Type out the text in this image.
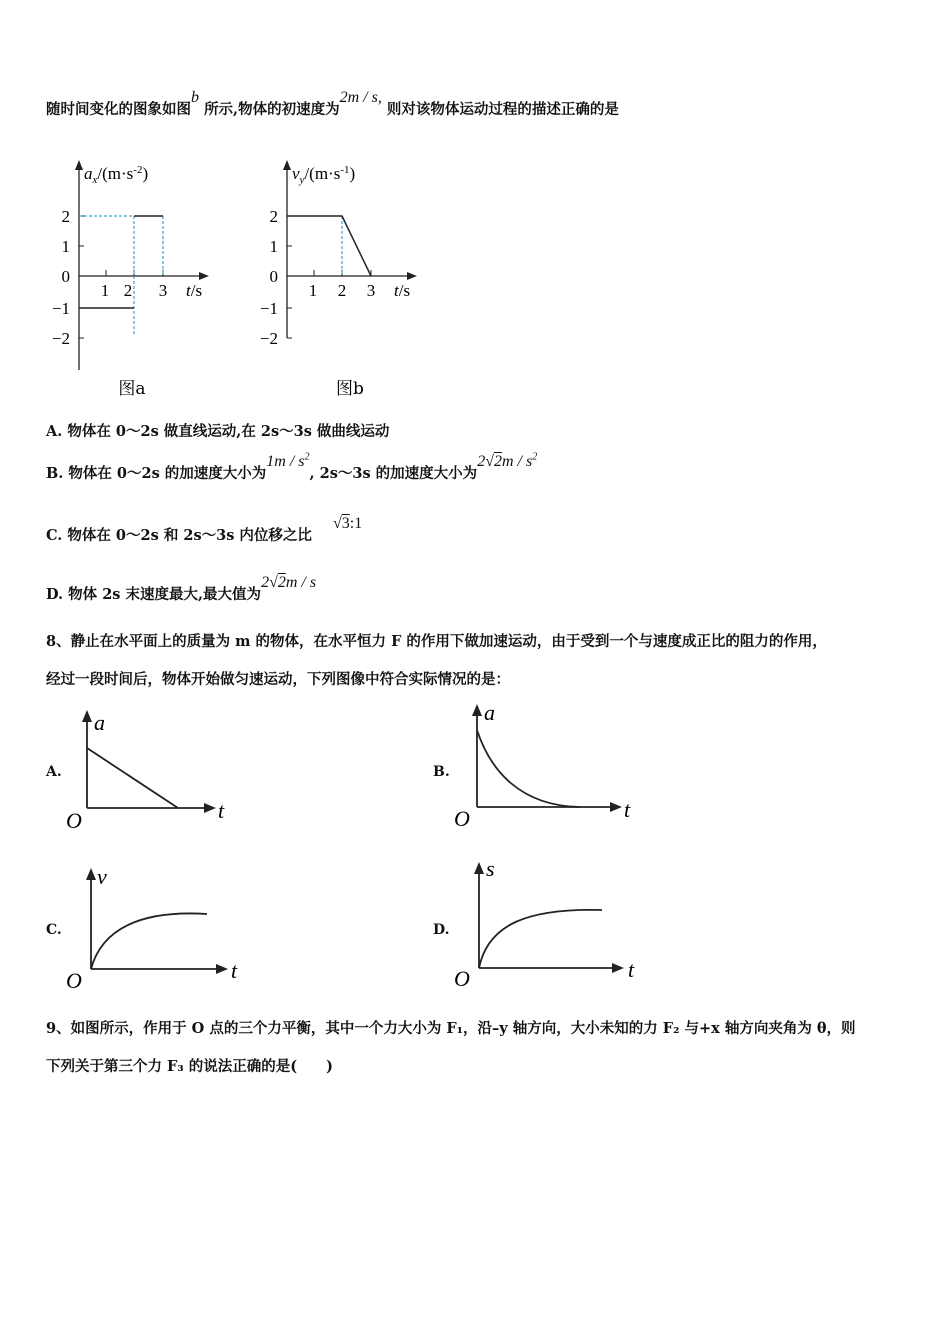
随时间变化的图象如图b 所示,物体的初速度为2m / s, 则对该物体运动过程的描述正确的是
$a_x/(m\cdot s^{-2})$
2
1
0
−1
−2
1 2 3 t/s
图a
$v_y/(m\cdot s^{-1})$
2
1
0
−1
−2
1 2 3 t/s
图b
A. 物体在 0～2s 做直线运动,在 2s～3s 做曲线运动
B. 物体在 0～2s 的加速度大小为$1m / s^2$, 2s～3s 的加速度大小为$2√2m / s^2$
C. 物体在 0～2s 和 2s～3s 内位移之比 √3:1
D. 物体 2s 末速度最大,最大值为2√2m / s
8、静止在水平面上的质量为 m 的物体，在水平恒力 F 的作用下做加速运动，由于受到一个与速度成正比的阻力的作用，
经过一段时间后，物体开始做匀速运动，下列图像中符合实际情况的是：
A.
a
t
O
B.
a
t
O
C.
v
t
O
D.
s
t
O
9、如图所示，作用于 O 点的三个力平衡，其中一个力大小为 F₁，沿–y 轴方向，大小未知的力 F₂ 与+x 轴方向夹角为 θ，则
下列关于第三个力 F₃ 的说法正确的是(　　)
